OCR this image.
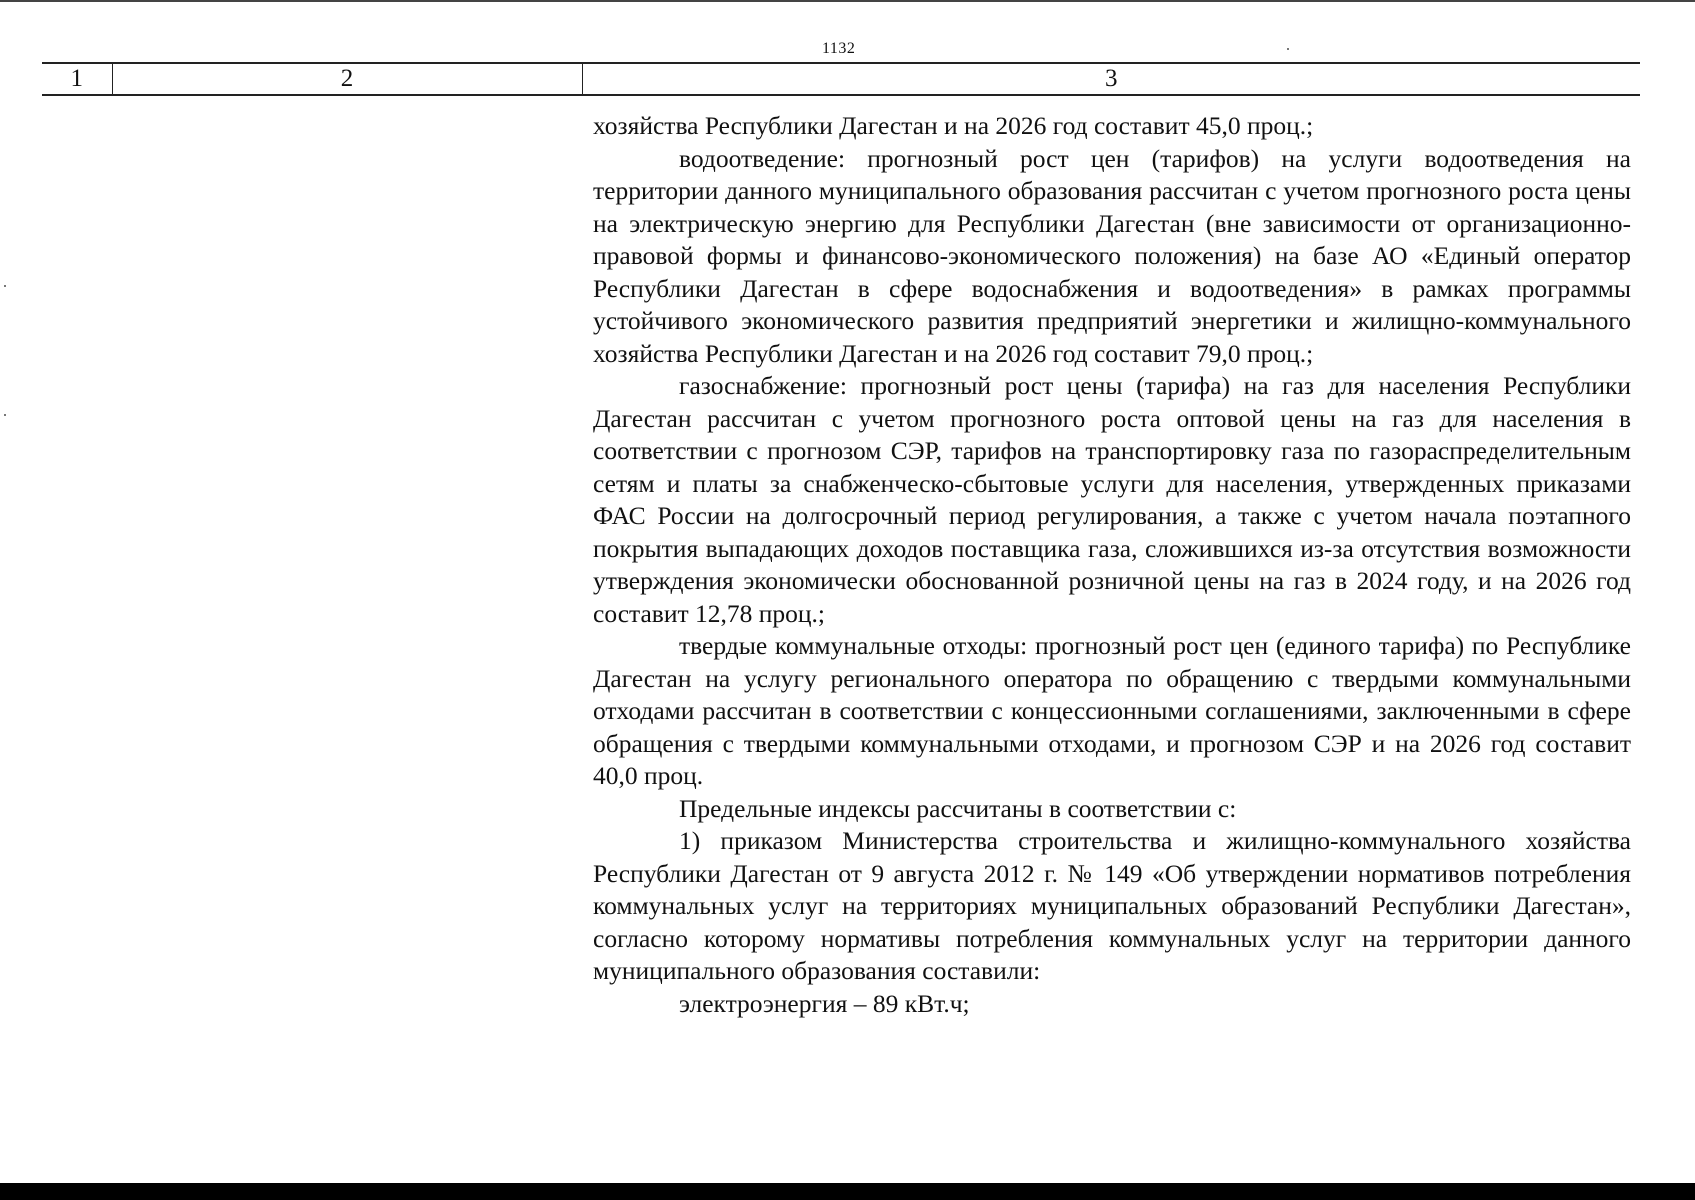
1132
1	2	3

хозяйства Республики Дагестан и на 2026 год составит 45,0 проц.;

водоотведение: прогнозный рост цен (тарифов) на услуги водоотведения на территории данного муниципального образования рассчитан с учетом прогнозного роста цены на электрическую энергию для Республики Дагестан (вне зависимости от организационно-правовой формы и финансово-экономического положения) на базе АО «Единый оператор Республики Дагестан в сфере водоснабжения и водоотведения» в рамках программы устойчивого экономического развития предприятий энергетики и жилищно-коммунального хозяйства Республики Дагестан и на 2026 год составит 79,0 проц.;

газоснабжение: прогнозный рост цены (тарифа) на газ для населения Республики Дагестан рассчитан с учетом прогнозного роста оптовой цены на газ для населения в соответствии с прогнозом СЭР, тарифов на транспортировку газа по газораспределительным сетям и платы за снабженческо-сбытовые услуги для населения, утвержденных приказами ФАС России на долгосрочный период регулирования, а также с учетом начала поэтапного покрытия выпадающих доходов поставщика газа, сложившихся из-за отсутствия возможности утверждения экономически обоснованной розничной цены на газ в 2024 году, и на 2026 год составит 12,78 проц.;

твердые коммунальные отходы: прогнозный рост цен (единого тарифа) по Республике Дагестан на услугу регионального оператора по обращению с твердыми коммунальными отходами рассчитан в соответствии с концессионными соглашениями, заключенными в сфере обращения с твердыми коммунальными отходами, и прогнозом СЭР и на 2026 год составит 40,0 проц.

Предельные индексы рассчитаны в соответствии с:

1) приказом Министерства строительства и жилищно-коммунального хозяйства Республики Дагестан от 9 августа 2012 г. № 149 «Об утверждении нормативов потребления коммунальных услуг на территориях муниципальных образований Республики Дагестан», согласно которому нормативы потребления коммунальных услуг на территории данного муниципального образования составили:

электроэнергия – 89 кВт.ч;
